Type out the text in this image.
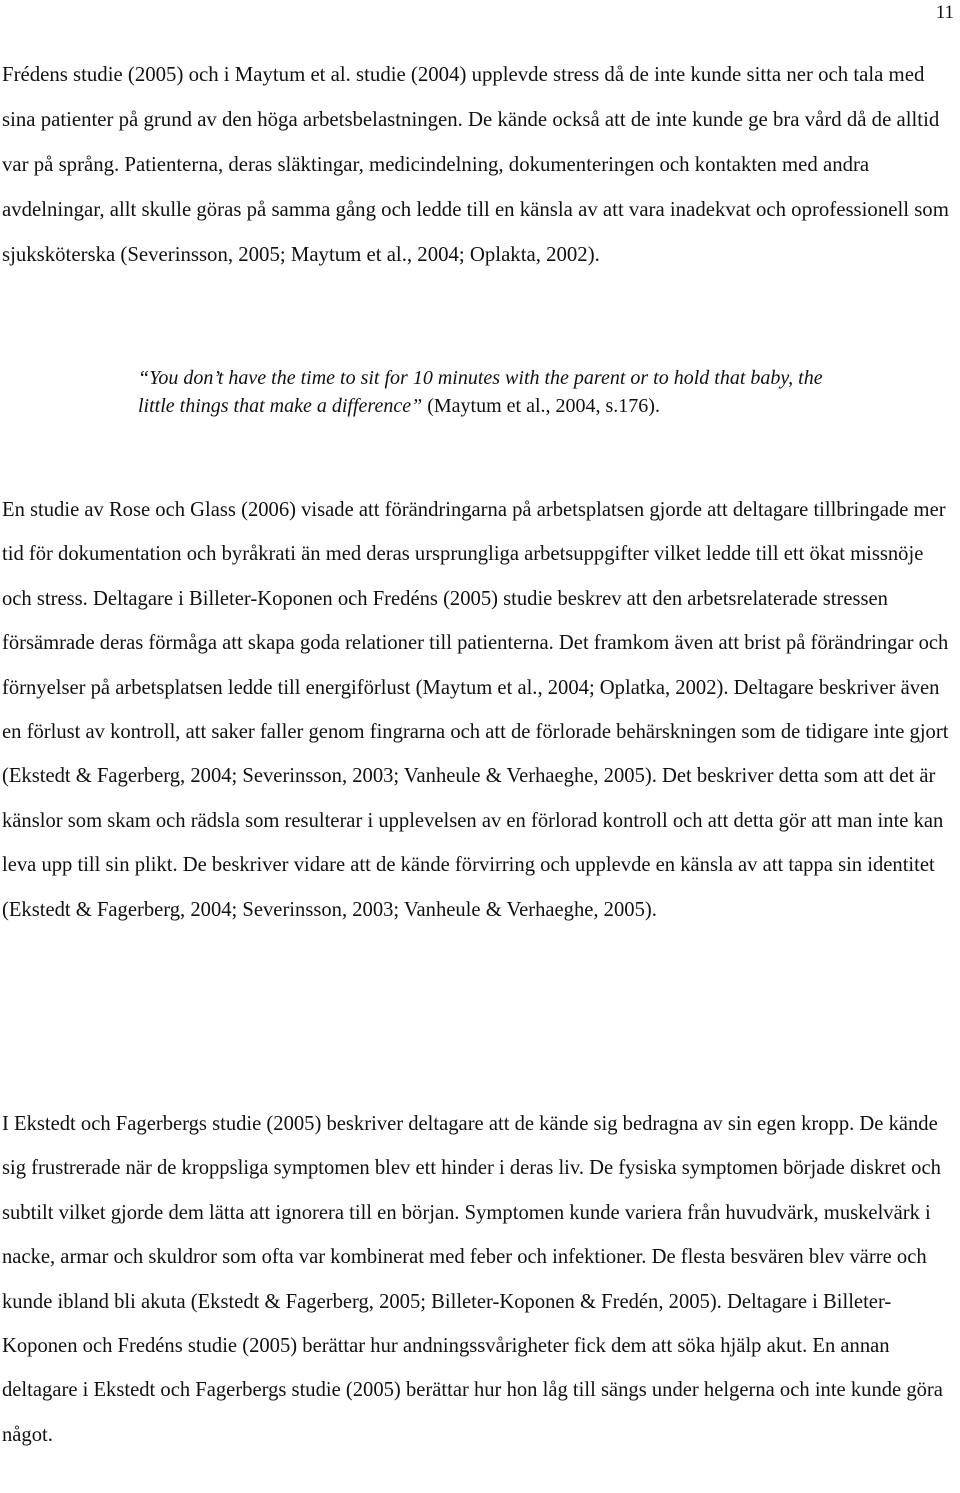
11

Frédens studie (2005) och i Maytum et al. studie (2004) upplevde stress då de inte kunde sitta ner och tala med sina patienter på grund av den höga arbetsbelastningen. De kände också att de inte kunde ge bra vård då de alltid var på språng. Patienterna, deras släktingar, medicindelning, dokumenteringen och kontakten med andra avdelningar, allt skulle göras på samma gång och ledde till en känsla av att vara inadekvat och oprofessionell som sjuksköterska (Severinsson, 2005; Maytum et al., 2004; Oplakta, 2002).

“You don’t have the time to sit for 10 minutes with the parent or to hold that baby, the little things that make a difference” (Maytum et al., 2004, s.176).

En studie av Rose och Glass (2006) visade att förändringarna på arbetsplatsen gjorde att deltagare tillbringade mer tid för dokumentation och byråkrati än med deras ursprungliga arbetsuppgifter vilket ledde till ett ökat missnöje och stress. Deltagare i Billeter-Koponen och Fredéns (2005) studie beskrev att den arbetsrelaterade stressen försämrade deras förmåga att skapa goda relationer till patienterna. Det framkom även att brist på förändringar och förnyelser på arbetsplatsen ledde till energiförlust (Maytum et al., 2004; Oplatka, 2002). Deltagare beskriver även en förlust av kontroll, att saker faller genom fingrarna och att de förlorade behärskningen som de tidigare inte gjort (Ekstedt & Fagerberg, 2004; Severinsson, 2003; Vanheule & Verhaeghe, 2005). Det beskriver detta som att det är känslor som skam och rädsla som resulterar i upplevelsen av en förlorad kontroll och att detta gör att man inte kan leva upp till sin plikt. De beskriver vidare att de kände förvirring och upplevde en känsla av att tappa sin identitet (Ekstedt & Fagerberg, 2004; Severinsson, 2003; Vanheule & Verhaeghe, 2005).

I Ekstedt och Fagerbergs studie (2005) beskriver deltagare att de kände sig bedragna av sin egen kropp. De kände sig frustrerade när de kroppsliga symptomen blev ett hinder i deras liv. De fysiska symptomen började diskret och subtilt vilket gjorde dem lätta att ignorera till en början. Symptomen kunde variera från huvudvärk, muskelvärk i nacke, armar och skuldror som ofta var kombinerat med feber och infektioner. De flesta besvären blev värre och kunde ibland bli akuta (Ekstedt & Fagerberg, 2005; Billeter-Koponen & Fredén, 2005). Deltagare i Billeter-Koponen och Fredéns studie (2005) berättar hur andningssvårigheter fick dem att söka hjälp akut. En annan deltagare i Ekstedt och Fagerbergs studie (2005) berättar hur hon låg till sängs under helgerna och inte kunde göra något.
